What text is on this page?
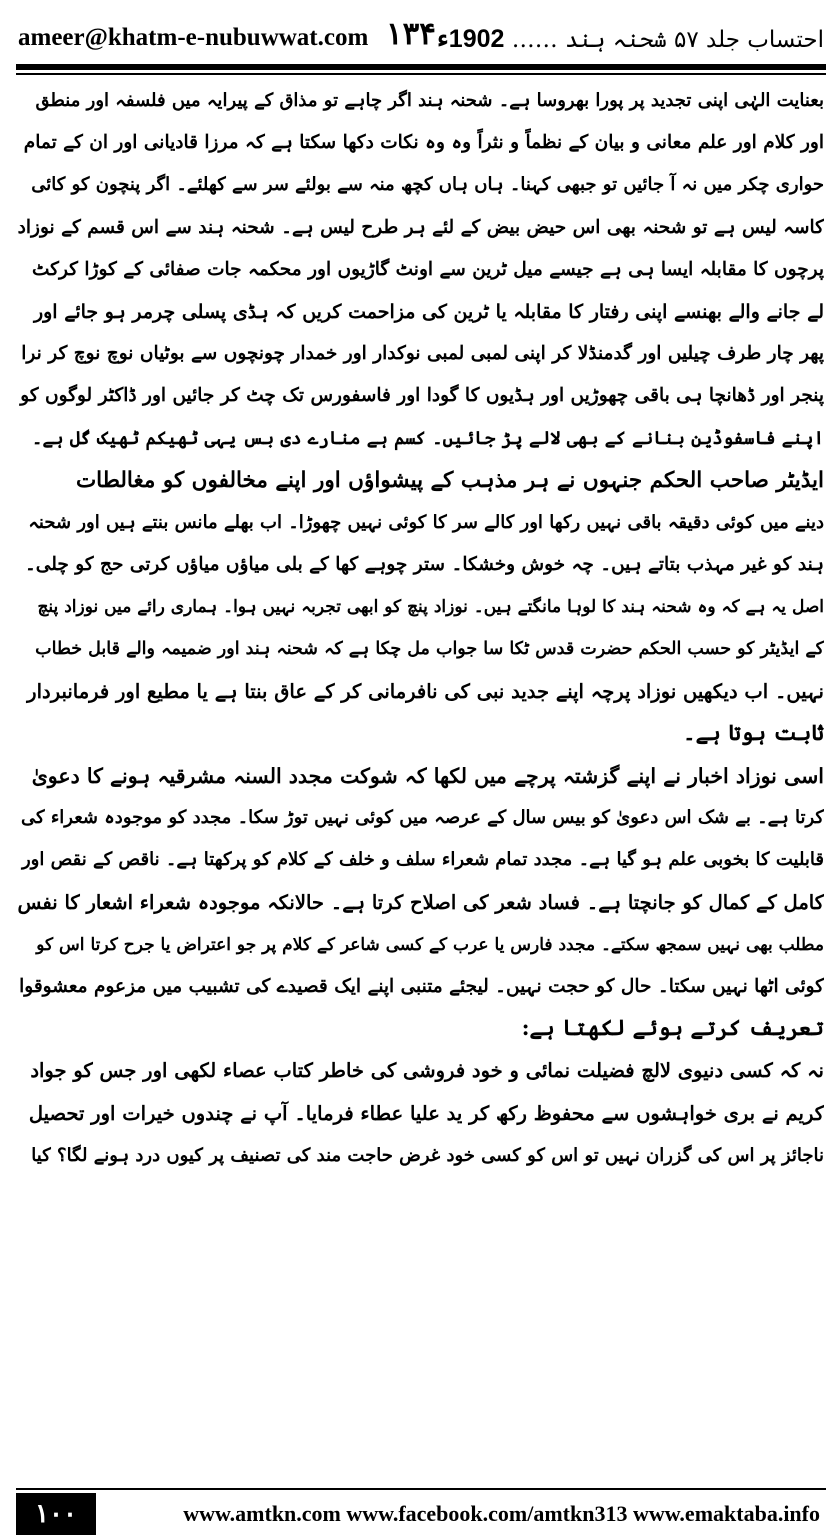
ameer@khatm-e-nubuwwat.com ۱۳۴	احتساب جلد ۵۷ شحنہ ہند …… 1902ء
بعنایت الہٰی اپنی تجدید پر پورا بھروسا ہے۔ شحنہ ہند اگر چاہے تو مذاق کے پیرایہ میں فلسفہ اور منطق
اور کلام اور علم معانی و بیان کے نظماً و نثراً وہ وہ نکات دکھا سکتا ہے کہ مرزا قادیانی اور ان کے تمام
حواری چکر میں نہ آ جائیں تو جبھی کہنا۔ ہاں ہاں کچھ منہ سے بولئے سر سے کھلئے۔ اگر پنچون کو کائی
کاسہ لیس ہے تو شحنہ بھی اس حیض بیض کے لئے ہر طرح لیس ہے۔ شحنہ ہند سے اس قسم کے نوزاد
پرچوں کا مقابلہ ایسا ہی ہے جیسے میل ٹرین سے اونٹ گاڑیوں اور محکمہ جات صفائی کے کوڑا کرکٹ
لے جانے والے بھنسے اپنی رفتار کا مقابلہ یا ٹرین کی مزاحمت کریں کہ ہڈی پسلی چرمر ہو جائے اور
پھر چار طرف چیلیں اور گدمنڈلا کر اپنی لمبی لمبی نوکدار اور خمدار چونچوں سے بوٹیاں نوچ نوچ کر نرا
پنجر اور ڈھانچا ہی باقی چھوڑیں اور ہڈیوں کا گودا اور فاسفورس تک چٹ کر جائیں اور ڈاکٹر لوگوں کو
اپنے فاسفوڈین بنانے کے بھی لالے پڑ جائیں۔ کسم ہے منارے دی بس یہی ٹھیکم ٹھیک گل ہے۔
ایڈیٹر صاحب الحکم جنہوں نے ہر مذہب کے پیشواؤں اور اپنے مخالفوں کو مغالطات
دینے میں کوئی دقیقہ باقی نہیں رکھا اور کالے سر کا کوئی نہیں چھوڑا۔ اب بھلے مانس بنتے ہیں اور شحنہ
ہند کو غیر مہذب بتاتے ہیں۔ چہ خوش وخشکا۔ ستر چوہے کھا کے بلی میاؤں میاؤں کرتی حج کو چلی۔
اصل یہ ہے کہ وہ شحنہ ہند کا لوہا مانگتے ہیں۔ نوزاد پنچ کو ابھی تجربہ نہیں ہوا۔ ہماری رائے میں نوزاد پنچ
کے ایڈیٹر کو حسب الحکم حضرت قدس ٹکا سا جواب مل چکا ہے کہ شحنہ ہند اور ضمیمہ والے قابل خطاب
نہیں۔ اب دیکھیں نوزاد پرچہ اپنے جدید نبی کی نافرمانی کر کے عاق بنتا ہے یا مطیع اور فرمانبردار
ثابت ہوتا ہے۔
اسی نوزاد اخبار نے اپنے گزشتہ پرچے میں لکھا کہ شوکت مجدد السنہ مشرقیہ ہونے کا دعویٰ
کرتا ہے۔ بے شک اس دعویٰ کو بیس سال کے عرصہ میں کوئی نہیں توڑ سکا۔ مجدد کو موجودہ شعراء کی
قابلیت کا بخوبی علم ہو گیا ہے۔ مجدد تمام شعراء سلف و خلف کے کلام کو پرکھتا ہے۔ ناقص کے نقص اور
کامل کے کمال کو جانچتا ہے۔ فساد شعر کی اصلاح کرتا ہے۔ حالانکہ موجودہ شعراء اشعار کا نفس
مطلب بھی نہیں سمجھ سکتے۔ مجدد فارس یا عرب کے کسی شاعر کے کلام پر جو اعتراض یا جرح کرتا اس کو
کوئی اٹھا نہیں سکتا۔ حال کو حجت نہیں۔ لیجئے متنبی اپنے ایک قصیدے کی تشبیب میں مزعوم معشوقوا
تعریف کرتے ہوئے لکھتا ہے:
نہ کہ کسی دنیوی لالچ فضیلت نمائی و خود فروشی کی خاطر کتاب عصاء لکھی اور جس کو جواد
کریم نے بری خواہشوں سے محفوظ رکھ کر ید علیا عطاء فرمایا۔ آپ نے چندوں خیرات اور تحصیل
ناجائز پر اس کی گزران نہیں تو اس کو کسی خود غرض حاجت مند کی تصنیف پر کیوں درد ہونے لگا؟ کیا
۱۰۰	www.amtkn.com www.facebook.com/amtkn313 www.emaktaba.info
